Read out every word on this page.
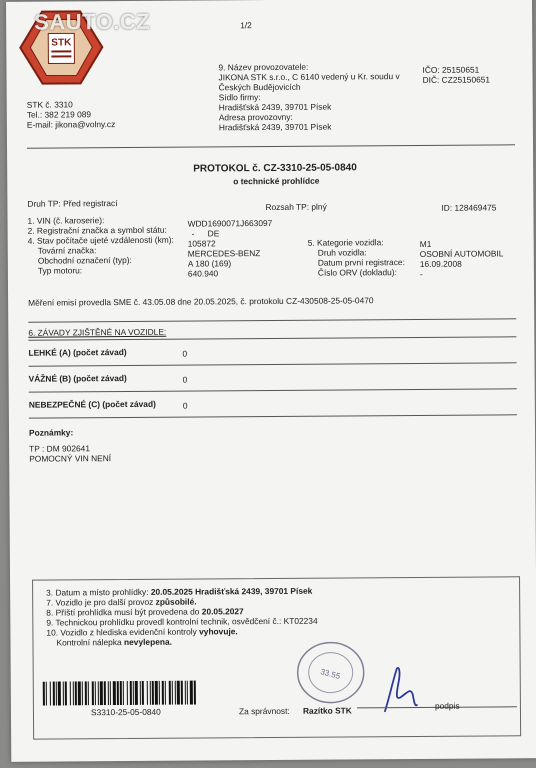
STK
SAUTO.CZ	1/2
STK č. 3310
Tel.: 382 219 089
E-mail: jikona@volny.cz
9. Název provozovatele:
JIKONA STK s.r.o., C 6140 vedený u Kr. soudu v
Českých Budějovicích
Sídlo firmy:
Hradišťská 2439, 39701 Písek
Adresa provozovny:
Hradišťská 2439, 39701 Písek
IČO: 25150651
DIČ: CZ25150651
PROTOKOL č. CZ-3310-25-05-0840
o technické prohlídce
Druh TP: Před registrací	Rozsah TP: plný	ID: 128469475
1. VIN (č. karoserie):	WDD1690071J663097
2. Registrační značka a symbol státu:	- DE
4. Stav počítače ujeté vzdálenosti (km): 105872
Tovární značka:	MERCEDES-BENZ
Obchodní označení (typ):	A 180 (169)
Typ motoru:	640.940
5. Kategorie vozidla:	M1
Druh vozidla:	OSOBNÍ AUTOMOBIL
Datum první registrace: 16.09.2008
Číslo ORV (dokladu):	-
Měření emisí provedla SME č. 43.05.08 dne 20.05.2025, č. protokolu CZ-430508-25-05-0470
6. ZÁVADY ZJIŠTĚNÉ NA VOZIDLE:
LEHKÉ (A) (počet závad)	0
VÁŽNÉ (B) (počet závad)	0
NEBEZPEČNÉ (C) (počet závad)	0
Poznámky:
TP : DM 902641
POMOCNÝ VIN NENÍ
3. Datum a místo prohlídky: 20.05.2025 Hradišťská 2439, 39701 Písek
7. Vozidlo je pro další provoz způsobilé.
8. Příští prohlídka musí být provedena do 20.05.2027
9. Technickou prohlídku provedl kontrolní technik, osvědčení č.: KT02234
10. Vozidlo z hlediska evidenční kontroly vyhovuje.
Kontrolní nálepka nevylepena.
S3310-25-05-0840	Za správnost:
33.55
Razítko STK	podpis
